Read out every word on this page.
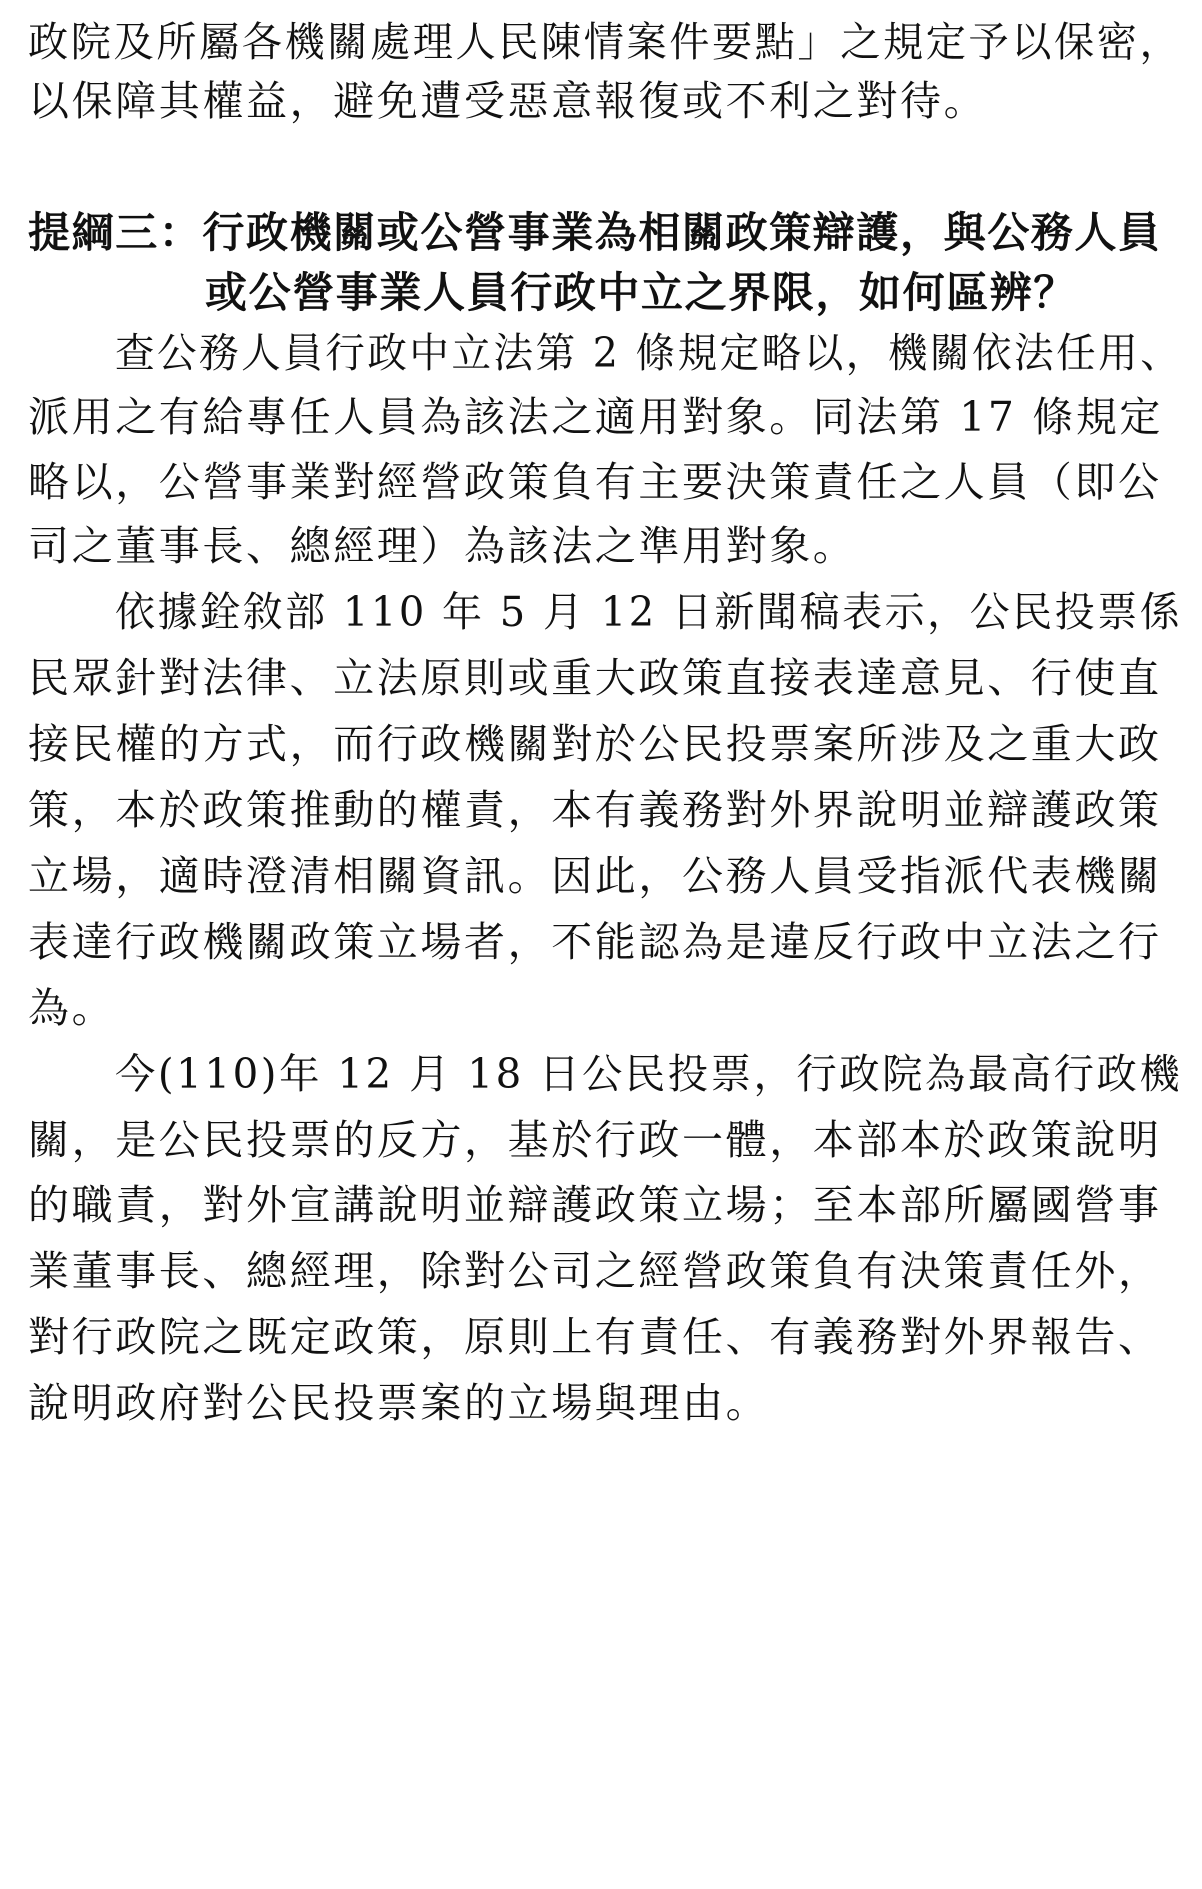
政院及所屬各機關處理人民陳情案件要點」之規定予以保密，
以保障其權益，避免遭受惡意報復或不利之對待。
提綱三：行政機關或公營事業為相關政策辯護，與公務人員
或公營事業人員行政中立之界限，如何區辨？
查公務人員行政中立法第 2 條規定略以，機關依法任用、
派用之有給專任人員為該法之適用對象。同法第 17 條規定
略以，公營事業對經營政策負有主要決策責任之人員（即公
司之董事長、總經理）為該法之準用對象。
依據銓敘部 110 年 5 月 12 日新聞稿表示，公民投票係
民眾針對法律、立法原則或重大政策直接表達意見、行使直
接民權的方式，而行政機關對於公民投票案所涉及之重大政
策，本於政策推動的權責，本有義務對外界說明並辯護政策
立場，適時澄清相關資訊。因此，公務人員受指派代表機關
表達行政機關政策立場者，不能認為是違反行政中立法之行
為。
今(110)年 12 月 18 日公民投票，行政院為最高行政機
關，是公民投票的反方，基於行政一體，本部本於政策說明
的職責，對外宣講說明並辯護政策立場；至本部所屬國營事
業董事長、總經理，除對公司之經營政策負有決策責任外，
對行政院之既定政策，原則上有責任、有義務對外界報告、
說明政府對公民投票案的立場與理由。
